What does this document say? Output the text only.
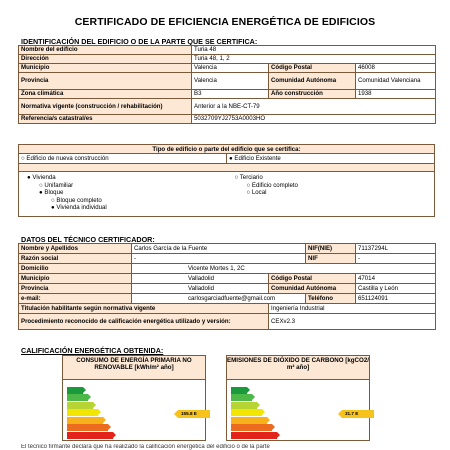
CERTIFICADO DE EFICIENCIA ENERGÉTICA DE EDIFICIOS
IDENTIFICACIÓN DEL EDIFICIO O DE LA PARTE QUE SE CERTIFICA:
Nombre del edificio	Turia 48		
Dirección	Turia 48, 1, 2		
Municipio	Valencia	Código Postal	46008
Provincia	Valencia	Comunidad Autónoma	Comunidad Valenciana
Zona climática	B3	Año construcción	1938
Normativa vigente (construcción / rehabilitación)	Anterior a la NBE-CT-79		
Referencia/s catastral/es	5032709YJ2753A0003HO		
Tipo de edificio o parte del edificio que se certifica:
○ Edificio de nueva construcción	● Edificio Existente
● Vivienda
○ Unifamiliar
● Bloque
○ Bloque completo
● Vivienda individual
○ Terciario
○ Edificio completo
○ Local
DATOS DEL TÉCNICO CERTIFICADOR:
Nombre y Apellidos	Carlos García de la Fuente		NIF(NIE)	71137294L
Razón social	-		NIF	-
Domicilio	Vicente Mortes 1, 2C			
Municipio	Valladolid	Código Postal		47014
Provincia	Valladolid	Comunidad Autónoma		Castilla y León
e-mail:	carlosgarciadfuente@gmail.com		Teléfono	651124091
Titulación habilitante según normativa vigente		Ingeniería Industrial		
Procedimiento reconocido de calificación energética utilizado y versión:		CEXv2.3		
CALIFICACIÓN ENERGÉTICA OBTENIDA:
CONSUMO DE ENERGÍA PRIMARIA NO RENOVABLE [kWh/m² año]
155.8 E
EMISIONES DE DIÓXIDO DE CARBONO [kgCO2/ m² año]
31.7 E
El técnico firmante declara que ha realizado la calificación energética del edificio o de la parte
